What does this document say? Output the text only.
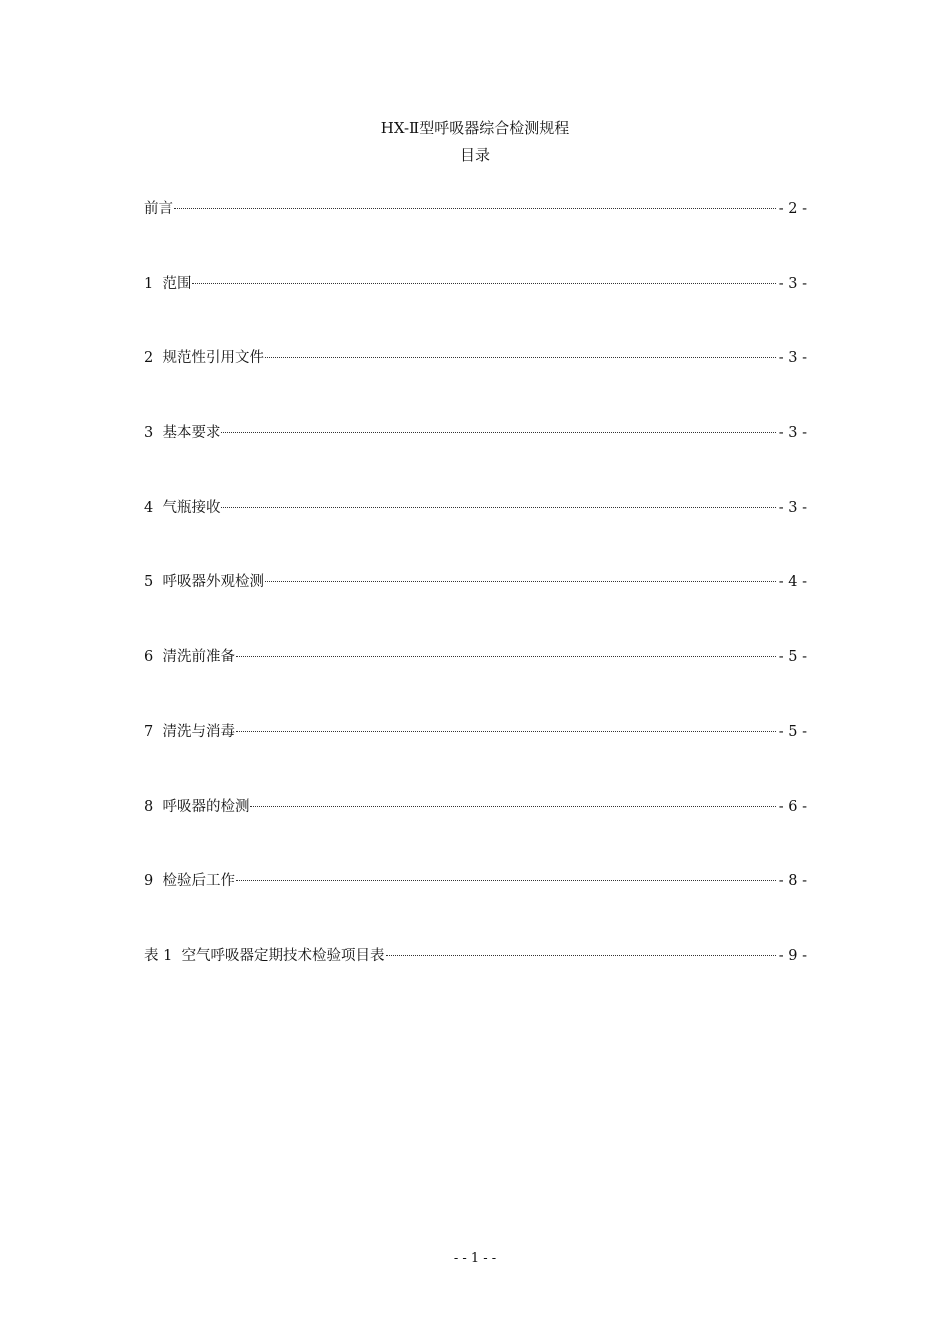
HX-Ⅱ型呼吸器综合检测规程
目录
前言	- 2 -
1 范围	- 3 -
2 规范性引用文件	- 3 -
3 基本要求	- 3 -
4 气瓶接收	- 3 -
5 呼吸器外观检测	- 4 -
6 清洗前准备	- 5 -
7 清洗与消毒	- 5 -
8 呼吸器的检测	- 6 -
9 检验后工作	- 8 -
表 1 空气呼吸器定期技术检验项目表	- 9 -
- - 1 - -
